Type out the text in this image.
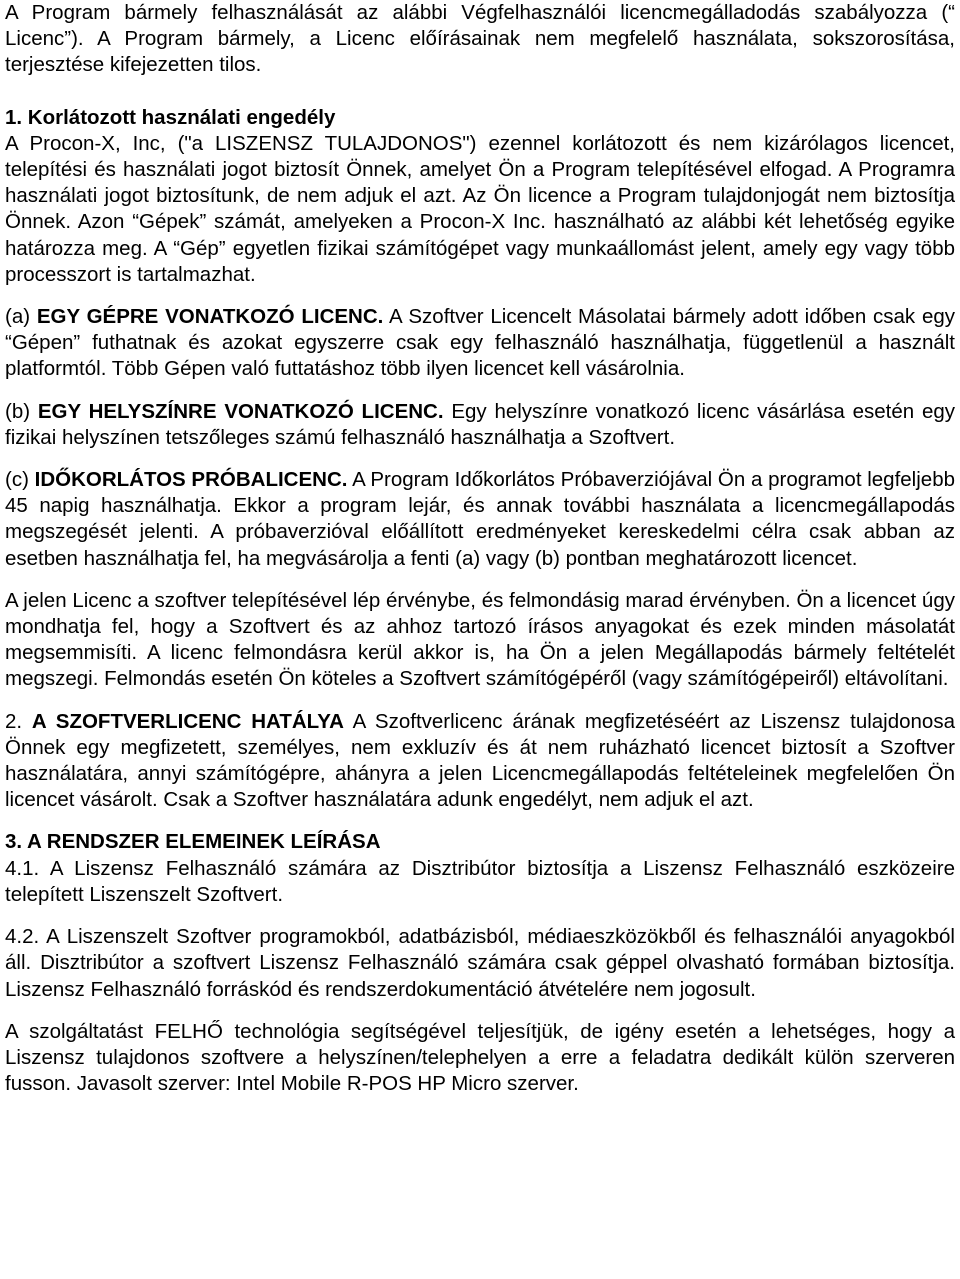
A Program bármely felhasználását az alábbi Végfelhasználói licencmegálladodás szabályozza (“ Licenc”). A Program bármely, a Licenc előírásainak nem megfelelő használata, sokszorosítása, terjesztése kifejezetten tilos.

1. Korlátozott használati engedély

A Procon-X, Inc, ("a LISZENSZ TULAJDONOS") ezennel korlátozott és nem kizárólagos licencet, telepítési és használati jogot biztosít Önnek, amelyet Ön a Program telepítésével elfogad. A Programra használati jogot biztosítunk, de nem adjuk el azt. Az Ön licence a Program tulajdonjogát nem biztosítja Önnek. Azon “Gépek” számát, amelyeken a Procon-X Inc. használható az alábbi két lehetőség egyike határozza meg. A “Gép” egyetlen fizikai számítógépet vagy munkaállomást jelent, amely egy vagy több processzort is tartalmazhat.

(a) EGY GÉPRE VONATKOZÓ LICENC. A Szoftver Licencelt Másolatai bármely adott időben csak egy “Gépen” futhatnak és azokat egyszerre csak egy felhasználó használhatja, függetlenül a használt platformtól. Több Gépen való futtatáshoz több ilyen licencet kell vásárolnia.

(b) EGY HELYSZÍNRE VONATKOZÓ LICENC. Egy helyszínre vonatkozó licenc vásárlása esetén egy fizikai helyszínen tetszőleges számú felhasználó használhatja a Szoftvert.

(c) IDŐKORLÁTOS PRÓBALICENC. A Program Időkorlátos Próbaverziójával Ön a programot legfeljebb 45 napig használhatja. Ekkor a program lejár, és annak további használata a licencmegállapodás megszegését jelenti. A próbaverzióval előállított eredményeket kereskedelmi célra csak abban az esetben használhatja fel, ha megvásárolja a fenti (a) vagy (b) pontban meghatározott licencet.

A jelen Licenc a szoftver telepítésével lép érvénybe, és felmondásig marad érvényben. Ön a licencet úgy mondhatja fel, hogy a Szoftvert és az ahhoz tartozó írásos anyagokat és ezek minden másolatát megsemmisíti. A licenc felmondásra kerül akkor is, ha Ön a jelen Megállapodás bármely feltételét megszegi. Felmondás esetén Ön köteles a Szoftvert számítógépéről (vagy számítógépeiről) eltávolítani.

2. A SZOFTVERLICENC HATÁLYA A Szoftverlicenc árának megfizetéséért az Liszensz tulajdonosa Önnek egy megfizetett, személyes, nem exkluzív és át nem ruházható licencet biztosít a Szoftver használatára, annyi számítógépre, ahányra a jelen Licencmegállapodás feltételeinek megfelelően Ön licencet vásárolt. Csak a Szoftver használatára adunk engedélyt, nem adjuk el azt.

3. A RENDSZER ELEMEINEK LEÍRÁSA

4.1. A Liszensz Felhasználó számára az Disztribútor biztosítja a Liszensz Felhasználó eszközeire telepített Liszenszelt Szoftvert.

4.2. A Liszenszelt Szoftver programokból, adatbázisból, médiaeszközökből és felhasználói anyagokból áll. Disztribútor a szoftvert Liszensz Felhasználó számára csak géppel olvasható formában biztosítja. Liszensz Felhasználó forráskód és rendszerdokumentáció átvételére nem jogosult.

A szolgáltatást FELHŐ technológia segítségével teljesítjük, de igény esetén a lehetséges, hogy a Liszensz tulajdonos szoftvere a helyszínen/telephelyen a erre a feladatra dedikált külön szerveren fusson. Javasolt szerver: Intel Mobile R-POS HP Micro szerver.
